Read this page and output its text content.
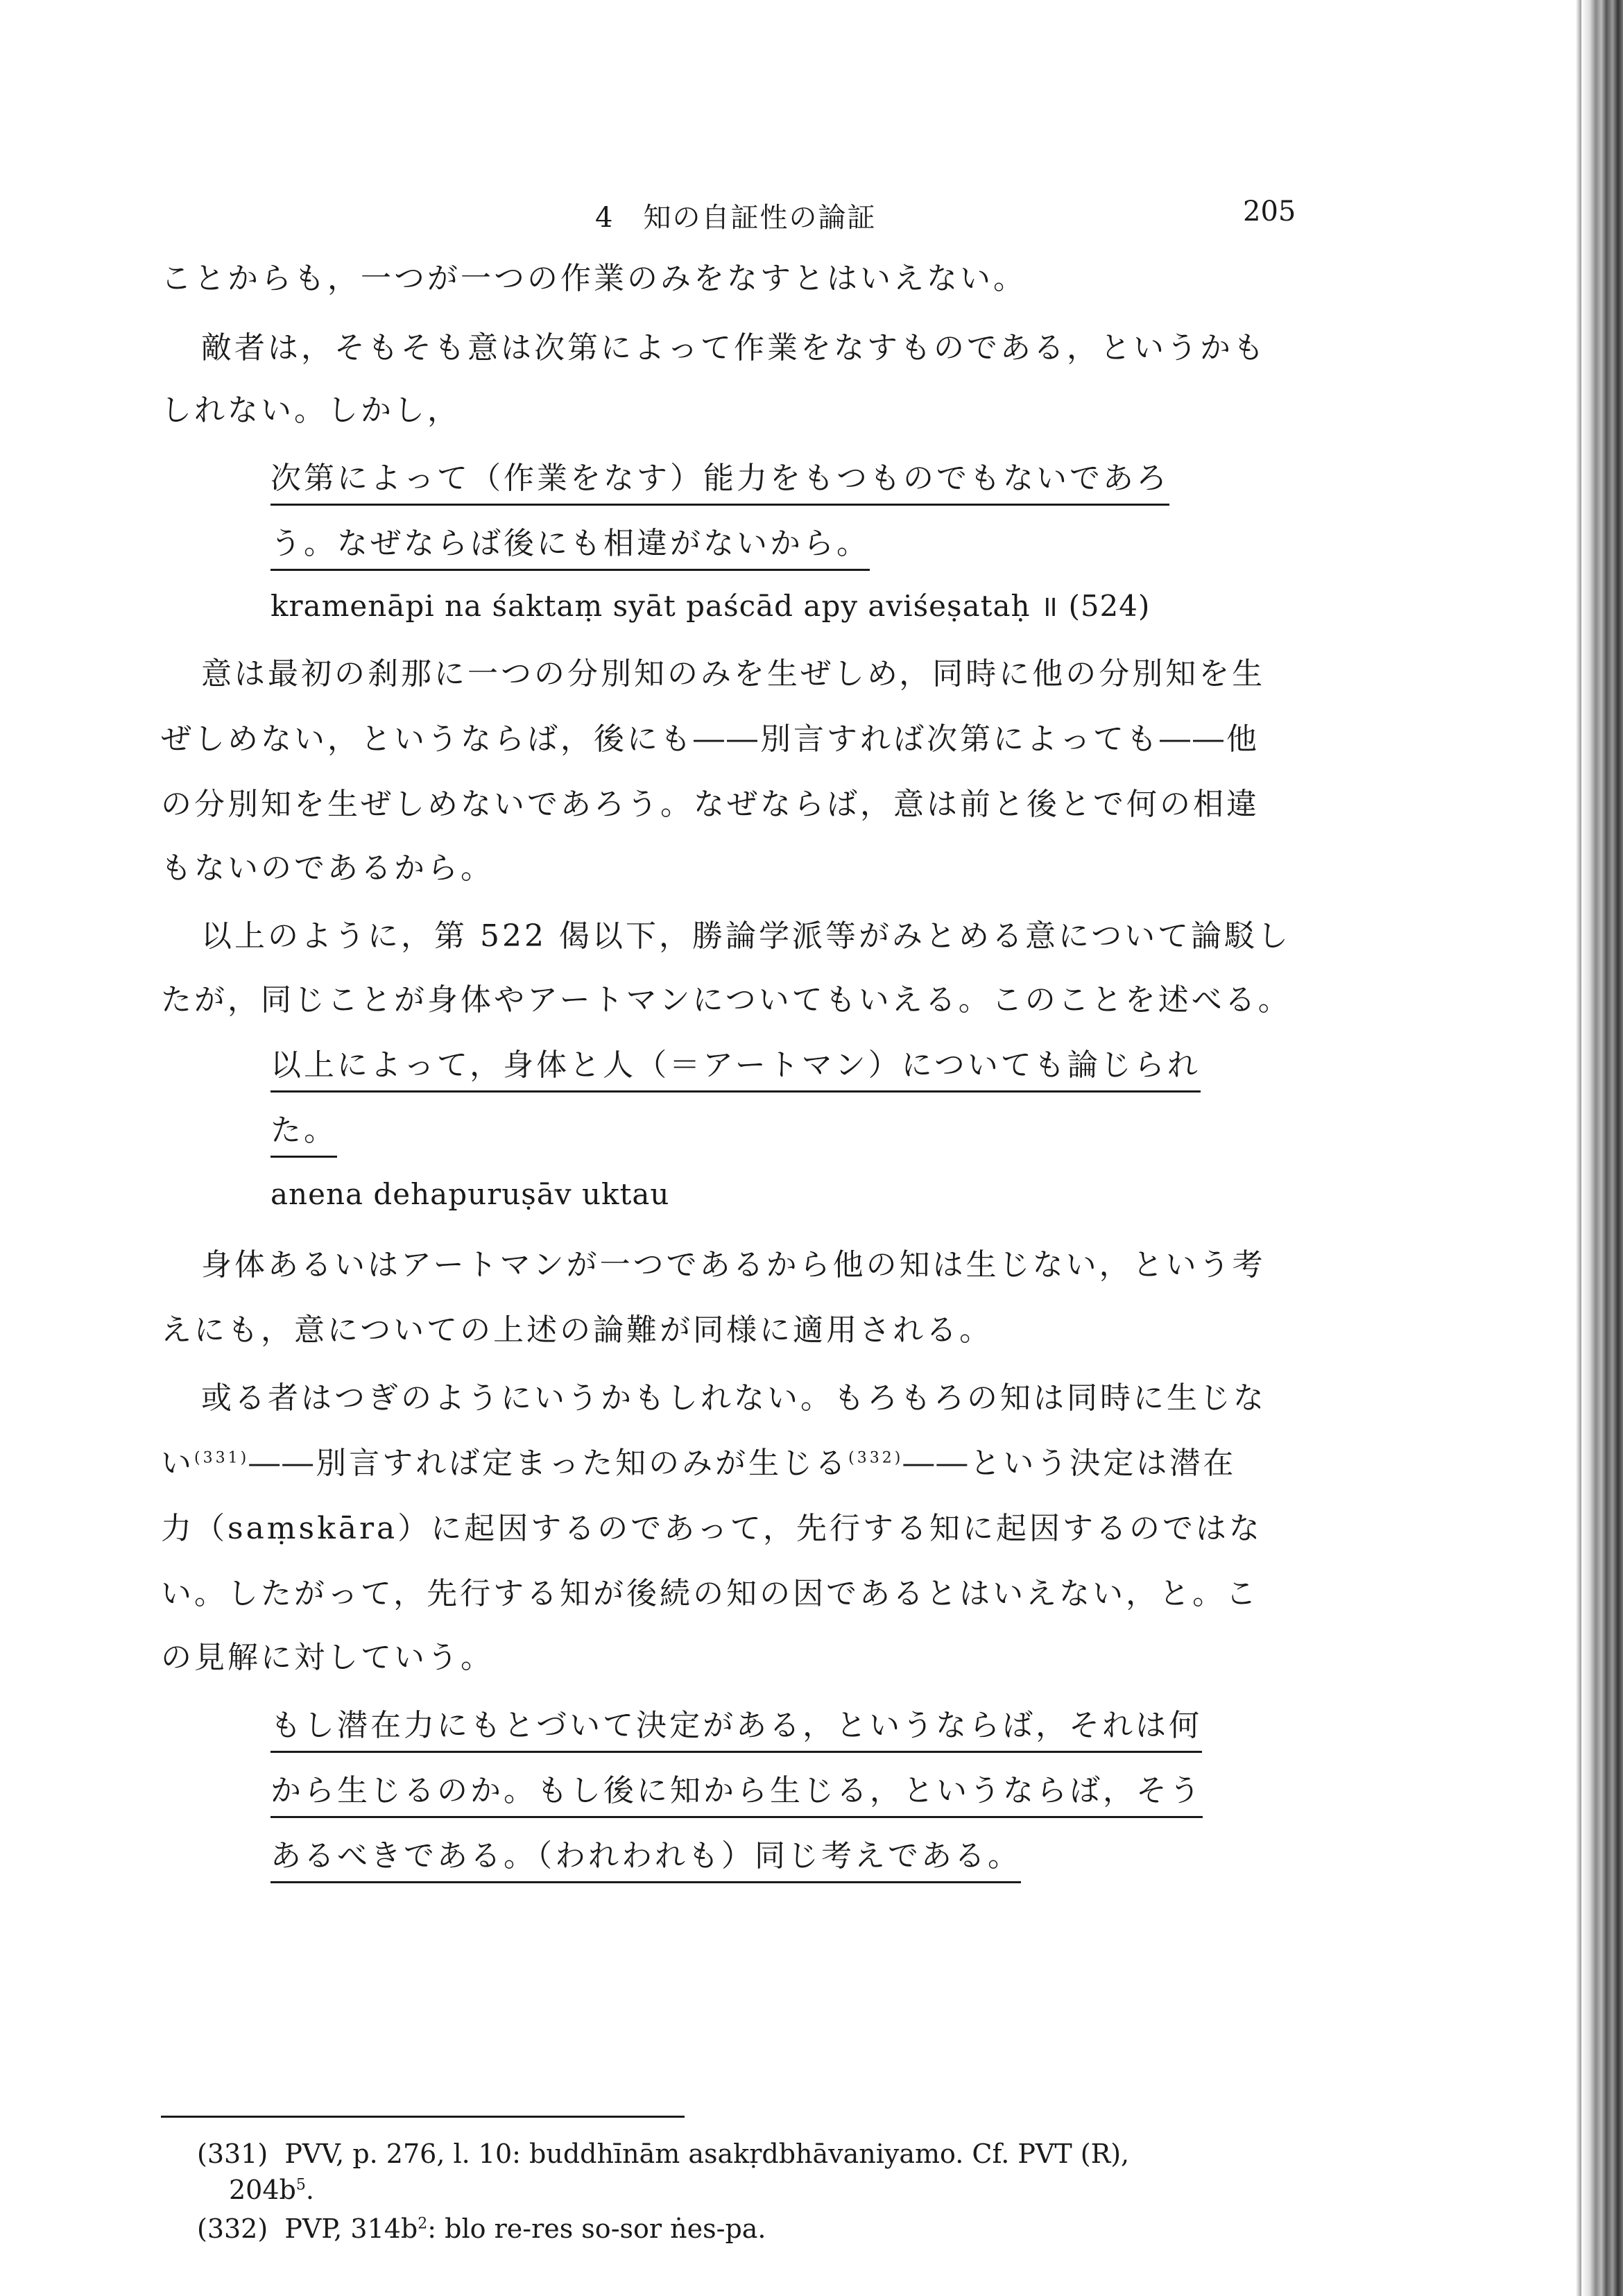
4　知の自証性の論証	205
ことからも，一つが一つの作業のみをなすとはいえない。
敵者は，そもそも意は次第によって作業をなすものである，というかも
しれない。しかし，
次第によって（作業をなす）能力をもつものでもないであろ
う。なぜならば後にも相違がないから。
kramenāpi na śaktaṃ syāt paścād apy aviśeṣataḥ ॥ (524)
意は最初の刹那に一つの分別知のみを生ぜしめ，同時に他の分別知を生
ぜしめない，というならば，後にも――別言すれば次第によっても――他
の分別知を生ぜしめないであろう。なぜならば，意は前と後とで何の相違
もないのであるから。
以上のように，第 522 偈以下，勝論学派等がみとめる意について論駁し
たが，同じことが身体やアートマンについてもいえる。このことを述べる。
以上によって，身体と人（＝アートマン）についても論じられ
た。
anena dehapuruṣāv uktau
身体あるいはアートマンが一つであるから他の知は生じない，という考
えにも，意についての上述の論難が同様に適用される。
或る者はつぎのようにいうかもしれない。もろもろの知は同時に生じな
い$^{(331)}$――別言すれば定まった知のみが生じる$^{(332)}$――という決定は潜在
力（saṃskāra）に起因するのであって，先行する知に起因するのではな
い。したがって，先行する知が後続の知の因であるとはいえない，と。こ
の見解に対していう。
もし潜在力にもとづいて決定がある，というならば，それは何
から生じるのか。もし後に知から生じる，というならば，そう
あるべきである。（われわれも）同じ考えである。
(331) PVV, p. 276, l. 10: buddhīnām asakṛdbhāvaniyamo. Cf. PVT (R),
$204b^5$.
(332) PVP, $314b^2$: blo re-res so-sor ṅes-pa.
